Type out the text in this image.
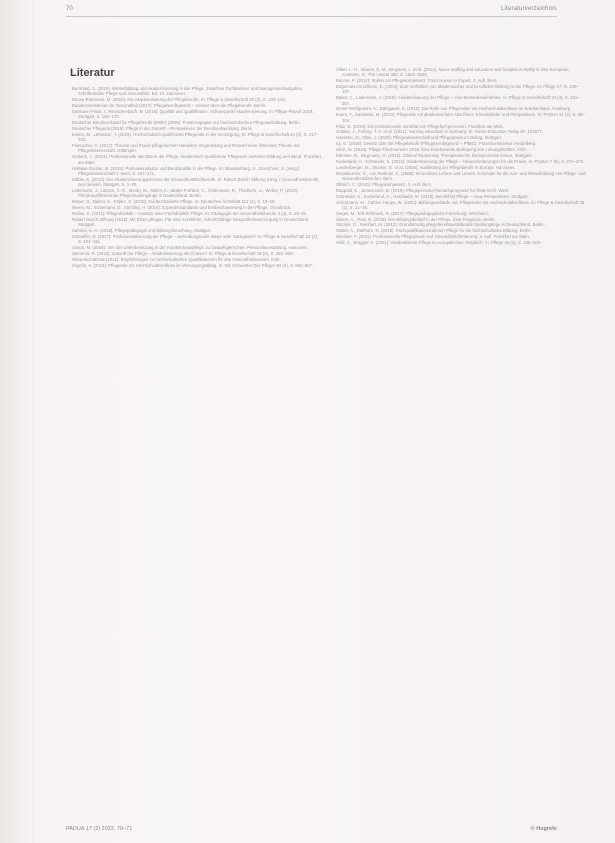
70	Literaturverzeichnis
Literatur

Bernhard, S. (2019): Weiterbildung und Akademisierung in der Pflege. Zwischen Fachkarriere und Managementaufgaben. Schriftenreihe Pflege und Gesundheit. Bd. 12. Hannover.

Bonse-Rohmann, M. (2015): Die Akademisierung der Pflegeberufe. In: Pflege & Gesellschaft 20 (2), S. 134–149.

Bundesministerium für Gesundheit (2017): Pflegeberufegesetz – Gesetz über die Pflegeberufe. Berlin.

Darmann-Finck, I., Reuschenbach, B. (2018): Qualität und Qualifikation: Schwerpunkt Akademisierung. In: Pflege-Report 2018. Stuttgart, S. 163–170.

Deutscher Berufsverband für Pflegeberufe (DBfK) (2016): Positionspapier zur hochschulischen Pflegeausbildung. Berlin.

Deutscher Pflegerat (2019): Pflege in der Zukunft – Perspektiven der Berufsentwicklung. Berlin.

Ewers, M., Lehmann, Y. (2019): Hochschulisch qualifizierte Pflegende in der Versorgung. In: Pflege & Gesellschaft 24 (3), S. 217–234.

Friesacher, H. (2017): Theorie und Praxis pflegerischen Handelns. Begründung und Entwurf einer kritischen Theorie der Pflegewissenschaft. Göttingen.

Gerlach, A. (2013): Professionelle Identität in der Pflege. Akademisch qualifizierte Pflegende zwischen Bildung und Beruf. Frankfurt am Main.

Hülsken-Giesler, M. (2015): Professionskultur und Berufspolitik in der Pflege. In: Brandenburg, H., Dorschner, S. (Hrsg.): Pflegewissenschaft 1. Bern, S. 157–171.

Kälble, K. (2013): Der Akademisierungsprozess der Gesundheitsfachberufe. In: Robert Bosch Stiftung (Hrsg.): Gesundheitsberufe neu denken. Stuttgart, S. 1–20.

Lademann, J., Latteck, Ä.-D., Mertin, M., Müller, K., Müller-Fröhlich, C., Ostermann, R., Thielhorn, U., Weber, P. (2016): Primärqualifizierende Pflegestudiengänge in Deutschland. Berlin.

Meyer, G., Balzer, K., Köpke, S. (2015): Evidenzbasierte Pflege. In: Deutsches Ärzteblatt 112 (1), S. 13–18.

Moers, M., Schiemann, D., Stehling, H. (2014): Expertenstandards und Evidenzbasierung in der Pflege. Osnabrück.

Reiber, K. (2011): Pflegedidaktik – Ansätze einer Fachdidaktik Pflege. In: Pädagogik der Gesundheitsberufe 3 (2), S. 25–31.

Robert Bosch Stiftung (2018): Mit Eliten pflegen. Für eine exzellente, zukunftsfähige Gesundheitsversorgung in Deutschland. Stuttgart.

Sahmel, K.-H. (2018): Pflegepädagogik und Bildungsforschung. Stuttgart.

Schaeffer, D. (2017): Professionalisierung der Pflege – verheißungsvolle Wege oder Sackgasse? In: Pflege & Gesellschaft 22 (2), S. 101–116.

Simon, M. (2018): Von der Unterbesetzung in der Krankenhauspflege zur bedarfsgerechten Personalausstattung. Hannover.

Stemmer, R. (2013): Zukunft der Pflege – Akademisierung als Chance? In: Pflege & Gesellschaft 18 (4), S. 292–309.

Wissenschaftsrat (2012): Empfehlungen zu hochschulischen Qualifikationen für das Gesundheitswesen. Köln.

Zegelin, A. (2014): Pflegende mit Hochschulabschluss im Versorgungsalltag. In: Die Schwester Der Pfleger 53 (6), S. 552–557.

Aiken, L. H., Sloane, D. M., Bruyneel, L. et al. (2014): Nurse staffing and education and hospital mortality in nine European countries. In: The Lancet 383, S. 1824–1830.

Benner, P. (2012): Stufen zur Pflegekompetenz. From Novice to Expert. 2. Aufl. Bern.

Bögemann-Großheim, E. (2004): Zum Verhältnis von akademischer und beruflicher Bildung in der Pflege. In: Pflege 17, S. 100–107.

Büker, C., Lademann, J. (2019): Akademisierung der Pflege – eine Bestandsaufnahme. In: Pflege & Gesellschaft 24 (4), S. 341–357.

Dreier-Wolfgramm, A., Dahlgaard, K. (2016): Die Rolle von Pflegenden mit Hochschulabschluss im Krankenhaus. Hamburg.

Evers, T., Sadowski, M. (2019): Pflegende mit akademischem Abschluss: Einsatzfelder und Perspektiven. In: PADUA 14 (2), S. 99–104.

Flaiz, B. (2018): Die professionelle Identität von Pflegefachpersonen. Frankfurt am Main.

Gräske, J., Forbrig, T. A. et al. (2021): Nursing education in Germany. In: Nurse Education Today 97, 104677.

Hasseler, M., Mink, J. (2020): Pflegewissenschaft und Pflegepraxis im Dialog. Stuttgart.

Igl, G. (2018): Gesetz über die Pflegeberufe (Pflegeberufegesetz – PflBG). Praxiskommentar. Heidelberg.

Isfort, M. (2018): Pflege-Thermometer 2018. Eine bundesweite Befragung von Leitungskräften. Köln.

Klemme, B., Siegmann, G. (2015): Clinical Reasoning. Therapeutische Denkprozesse lernen. Stuttgart.

Kuckeland, H., Schneider, K. (2012): Akademisierung der Pflege – Herausforderungen für die Praxis. In: PADUA 7 (5), S. 274–279.

Landenberger, M., Stöcker, G. et al. (2005): Ausbildung der Pflegeberufe in Europa. Hannover.

Nussbaumer, G., von Reibnitz, C. (2008): Innovatives Lehren und Lernen. Konzepte für die Aus- und Weiterbildung von Pflege- und Gesundheitsberufen. Bern.

Olbrich, C. (2010): Pflegekompetenz. 2. Aufl. Bern.

Rappold, E., Juraszovich, B. (2019): Pflegepersonal-Bedarfsprognose für Österreich. Wien.

Schneider, K., Kuckeland, H., Hatziliadis, M. (2019): Berufsfeld Pflege – neue Perspektiven. Stuttgart.

Schürmann, M., Gahlen-Hoops, W. (2020): Bildungsverläufe von Pflegenden mit Hochschulabschluss. In: Pflege & Gesellschaft 25 (1), S. 21–36.

Sieger, M., Ertl-Schmuck, R. (2017): Pflegepädagogische Forschung. Weinheim.

Simon, A., Flaiz, B. (2015): Der Bildungsbedarf in der Pflege. Eine Prognose. Berlin.

Stöcker, G., Reinhart, M. (2012): Grundständig pflegeberufsausbildende Studiengänge in Deutschland. Berlin.

Walter, A., Dütthorn, N. (2019): Fachqualifikationsrahmen Pflege für die hochschulische Bildung. Berlin.

Weidner, F. (2011): Professionelle Pflegepraxis und Gesundheitsförderung. 3. Aufl. Frankfurt am Main.

Wild, C., Brügger, A. (2021): Akademisierte Pflege im europäischen Vergleich. In: Pflege 34 (3), S. 155–163.

PADUA 17 (2) 2022, 70–71	© Hogrefe
